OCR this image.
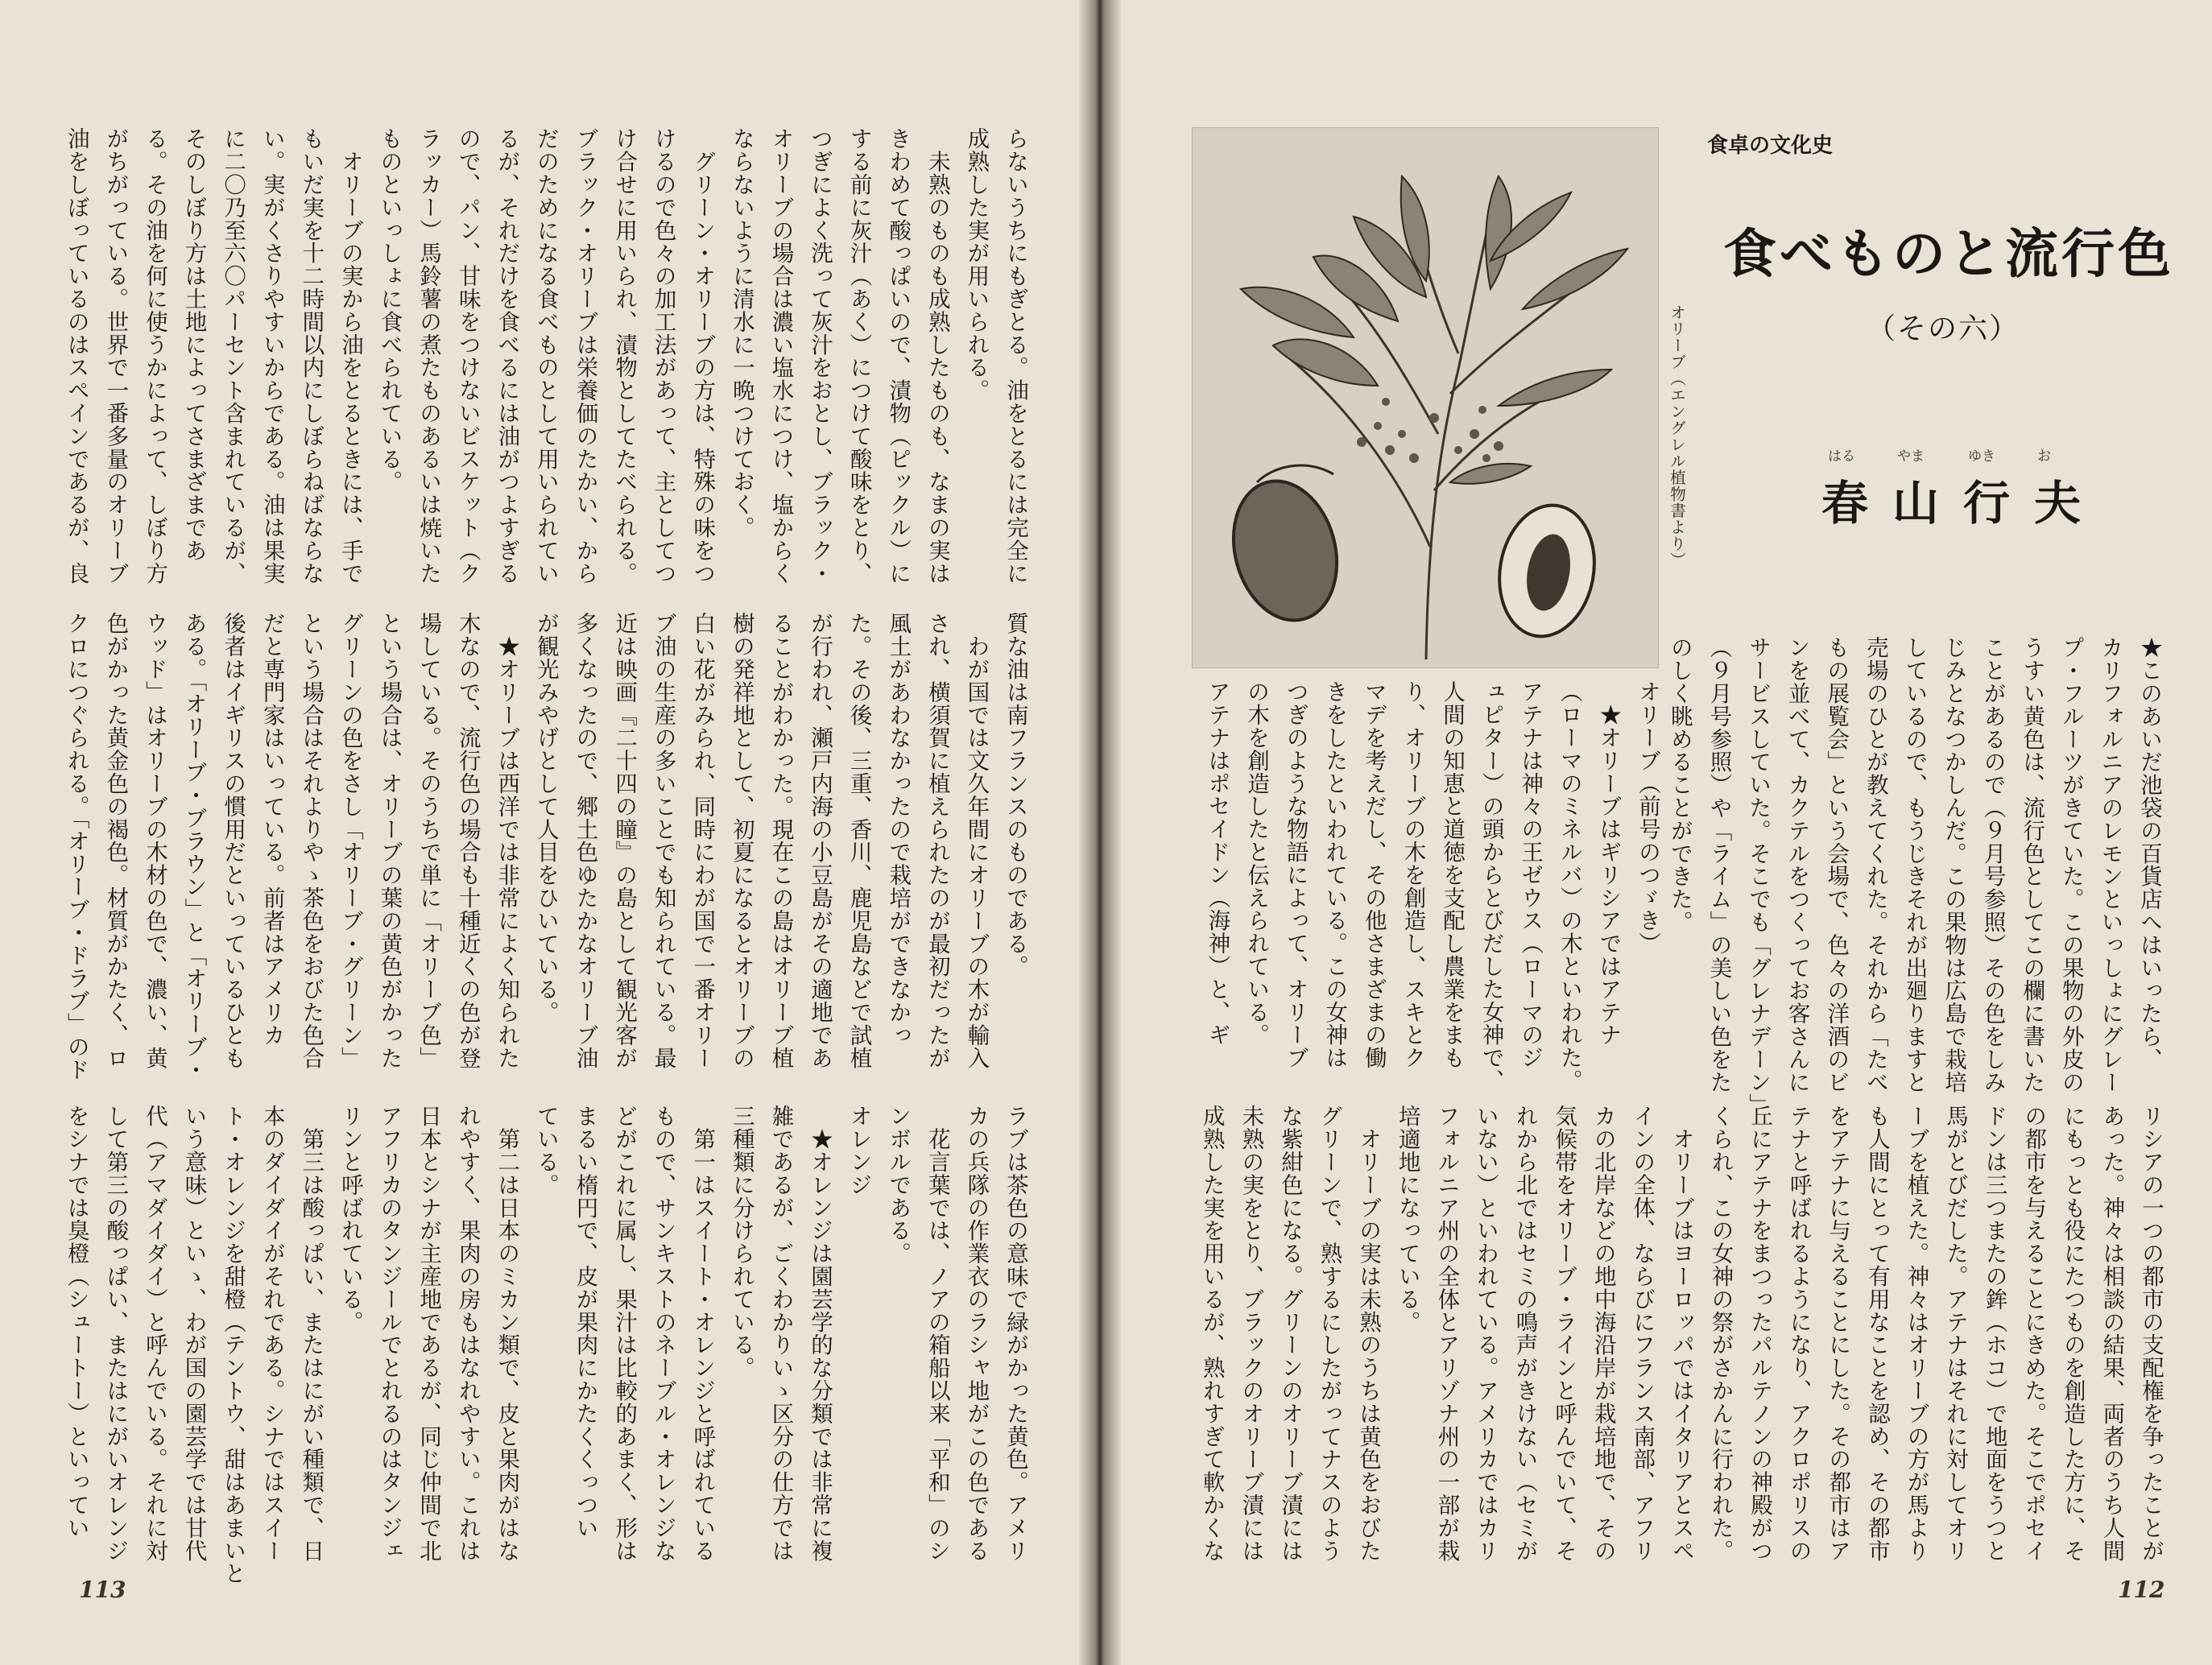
らないうちにもぎとる。油をとるには完全に
成熟した実が用いられる。
　未熟のものも成熟したものも、なまの実は
きわめて酸っぱいので、漬物（ピックル）に
する前に灰汁（あく）につけて酸味をとり、
つぎによく洗って灰汁をおとし、ブラック・
オリーブの場合は濃い塩水につけ、塩からく
ならないように清水に一晩つけておく。
　グリーン・オリーブの方は、特殊の味をつ
けるので色々の加工法があって、主としてつ
け合せに用いられ、漬物としてたべられる。
ブラック・オリーブは栄養価のたかい、から
だのためになる食べものとして用いられてい
るが、それだけを食べるには油がつよすぎる
ので、パン、甘味をつけないビスケット（ク
ラッカー）馬鈴薯の煮たものあるいは焼いた
ものといっしょに食べられている。
　オリーブの実から油をとるときには、手で
もいだ実を十二時間以内にしぼらねばならな
い。実がくさりやすいからである。油は果実
に二〇乃至六〇パーセント含まれているが、
そのしぼり方は土地によってさまざまであ
る。その油を何に使うかによって、しぼり方
がちがっている。世界で一番多量のオリーブ
油をしぼっているのはスペインであるが、良
質な油は南フランスのものである。
　わが国では文久年間にオリーブの木が輸入
され、横須賀に植えられたのが最初だったが
風土があわなかったので栽培ができなかっ
た。その後、三重、香川、鹿児島などで試植
が行われ、瀬戸内海の小豆島がその適地であ
ることがわかった。現在この島はオリーブ植
樹の発祥地として、初夏になるとオリーブの
白い花がみられ、同時にわが国で一番オリー
ブ油の生産の多いことでも知られている。最
近は映画『二十四の瞳』の島として観光客が
多くなったので、郷土色ゆたかなオリーブ油
が観光みやげとして人目をひいている。
　★オリーブは西洋では非常によく知られた
木なので、流行色の場合も十種近くの色が登
場している。そのうちで単に「オリーブ色」
という場合は、オリーブの葉の黄色がかった
グリーンの色をさし「オリーブ・グリーン」
という場合はそれよりやゝ茶色をおびた色合
だと専門家はいっている。前者はアメリカ
後者はイギリスの慣用だといっているひとも
ある。「オリーブ・ブラウン」と「オリーブ・
ウッド」はオリーブの木材の色で、濃い、黄
色がかった黄金色の褐色。材質がかたく、ロ
クロにつぐられる。「オリーブ・ドラブ」のド
ラブは茶色の意味で緑がかった黄色。アメリ
カの兵隊の作業衣のラシャ地がこの色である
　花言葉では、ノアの箱船以来「平和」のシ
ンボルである。
オレンジ
　★オレンジは園芸学的な分類では非常に複
雑であるが、ごくわかりいゝ区分の仕方では
三種類に分けられている。
　第一はスイート・オレンジと呼ばれている
もので、サンキストのネーブル・オレンジな
どがこれに属し、果汁は比較的あまく、形は
まるい楕円で、皮が果肉にかたくくっつい
ている。
　第二は日本のミカン類で、皮と果肉がはな
れやすく、果肉の房もはなれやすい。これは
日本とシナが主産地であるが、同じ仲間で北
アフリカのタンジールでとれるのはタンジェ
リンと呼ばれている。
　第三は酸っぱい、またはにがい種類で、日
本のダイダイがそれである。シナではスイー
ト・オレンジを甜橙（テントウ、甜はあまいと
いう意味）といゝ、わが国の園芸学では甘代
代（アマダイダイ）と呼んでいる。それに対
して第三の酸っぱい、またはにがいオレンジ
をシナでは臭橙（シュートー）といってい
113
食卓の文化史
食べものと流行色
（その六）
はる	やま	ゆき	お
春山行夫
オリーブ（エングレル植物書より）
★このあいだ池袋の百貨店へはいったら、
カリフォルニアのレモンといっしょにグレー
プ・フルーツがきていた。この果物の外皮の
うすい黄色は、流行色としてこの欄に書いた
ことがあるので（９月号参照）その色をしみ
じみとなつかしんだ。この果物は広島で栽培
しているので、もうじきそれが出廻りますと
売場のひとが教えてくれた。それから「たべ
もの展覧会」という会場で、色々の洋酒のビ
ンを並べて、カクテルをつくってお客さんに
サービスしていた。そこでも「グレナデーン」
（９月号参照）や「ライム」の美しい色をた
のしく眺めることができた。
オリーブ（前号のつゞき）
　★オリーブはギリシアではアテナ
（ローマのミネルバ）の木といわれた。
アテナは神々の王ゼウス（ローマのジ
ュピター）の頭からとびだした女神で、
人間の知恵と道徳を支配し農業をまも
り、オリーブの木を創造し、スキとク
マデを考えだし、その他さまざまの働
きをしたといわれている。この女神は
つぎのような物語によって、オリーブ
の木を創造したと伝えられている。
アテナはポセイドン（海神）と、ギ
リシアの一つの都市の支配権を争ったことが
あった。神々は相談の結果、両者のうち人間
にもっとも役にたつものを創造した方に、そ
の都市を与えることにきめた。そこでポセイ
ドンは三つまたの鉾（ホコ）で地面をうつと
馬がとびだした。アテナはそれに対してオリ
ーブを植えた。神々はオリーブの方が馬より
も人間にとって有用なことを認め、その都市
をアテナに与えることにした。その都市はア
テナと呼ばれるようになり、アクロポリスの
丘にアテナをまつったパルテノンの神殿がつ
くられ、この女神の祭がさかんに行われた。
　オリーブはヨーロッパではイタリアとスペ
インの全体、ならびにフランス南部、アフリ
カの北岸などの地中海沿岸が栽培地で、その
気候帯をオリーブ・ラインと呼んでいて、そ
れから北ではセミの鳴声がきけない（セミが
いない）といわれている。アメリカではカリ
フォルニア州の全体とアリゾナ州の一部が栽
培適地になっている。
　オリーブの実は未熟のうちは黄色をおびた
グリーンで、熟するにしたがってナスのよう
な紫紺色になる。グリーンのオリーブ漬には
未熟の実をとり、ブラックのオリーブ漬には
成熟した実を用いるが、熟れすぎて軟かくな
112
